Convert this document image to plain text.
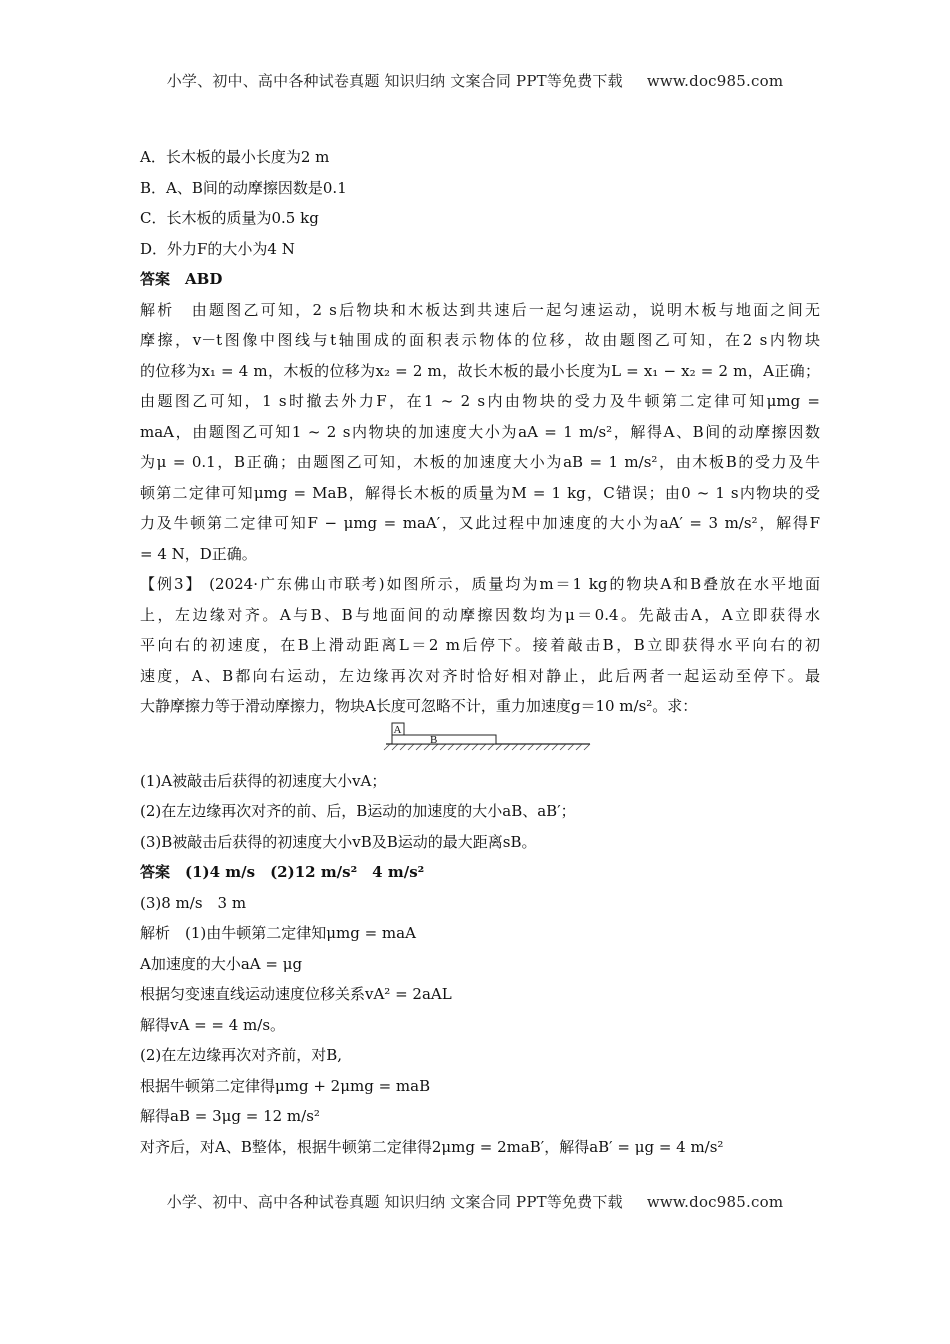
小学、初中、高中各种试卷真题 知识归纳 文案合同 PPT等免费下载 www.doc985.com
A．长木板的最小长度为2 m
B．A、B间的动摩擦因数是0.1
C．长木板的质量为0.5 kg
D．外力F的大小为4 N
答案　ABD
解析　由题图乙可知，2 s后物块和木板达到共速后一起匀速运动，说明木板与地面之间无
摩擦，v－t图像中图线与t轴围成的面积表示物体的位移，故由题图乙可知，在2 s内物块
的位移为x₁ = 4 m，木板的位移为x₂ = 2 m，故长木板的最小长度为L = x₁ − x₂ = 2 m，A正确；
由题图乙可知，1 s时撤去外力F，在1 ~ 2 s内由物块的受力及牛顿第二定律可知μmg =
maA，由题图乙可知1 ~ 2 s内物块的加速度大小为aA = 1 m/s²，解得A、B间的动摩擦因数
为μ = 0.1，B正确；由题图乙可知，木板的加速度大小为aB = 1 m/s²，由木板B的受力及牛
顿第二定律可知μmg = MaB，解得长木板的质量为M = 1 kg，C错误；由0 ~ 1 s内物块的受
力及牛顿第二定律可知F − μmg = maA′，又此过程中加速度的大小为aA′ = 3 m/s²，解得F
= 4 N，D正确。
【例3】 (2024·广东佛山市联考)如图所示，质量均为m＝1 kg的物块A和B叠放在水平地面
上，左边缘对齐。A与B、B与地面间的动摩擦因数均为μ＝0.4。先敲击A，A立即获得水
平向右的初速度，在B上滑动距离L＝2 m后停下。接着敲击B，B立即获得水平向右的初
速度，A、B都向右运动，左边缘再次对齐时恰好相对静止，此后两者一起运动至停下。最
大静摩擦力等于滑动摩擦力，物块A长度可忽略不计，重力加速度g＝10 m/s²。求：
A
B
(1)A被敲击后获得的初速度大小vA；
(2)在左边缘再次对齐的前、后，B运动的加速度的大小aB、aB′；
(3)B被敲击后获得的初速度大小vB及B运动的最大距离sB。
答案　(1)4 m/s　(2)12 m/s²　4 m/s²
(3)8 m/s　3 m
解析　(1)由牛顿第二定律知μmg = maA
A加速度的大小aA = μg
根据匀变速直线运动速度位移关系vA² = 2aAL
解得vA = = 4 m/s。
(2)在左边缘再次对齐前，对B,
根据牛顿第二定律得μmg + 2μmg = maB
解得aB = 3μg = 12 m/s²
对齐后，对A、B整体，根据牛顿第二定律得2μmg = 2maB′，解得aB′ = μg = 4 m/s²
小学、初中、高中各种试卷真题 知识归纳 文案合同 PPT等免费下载 www.doc985.com
